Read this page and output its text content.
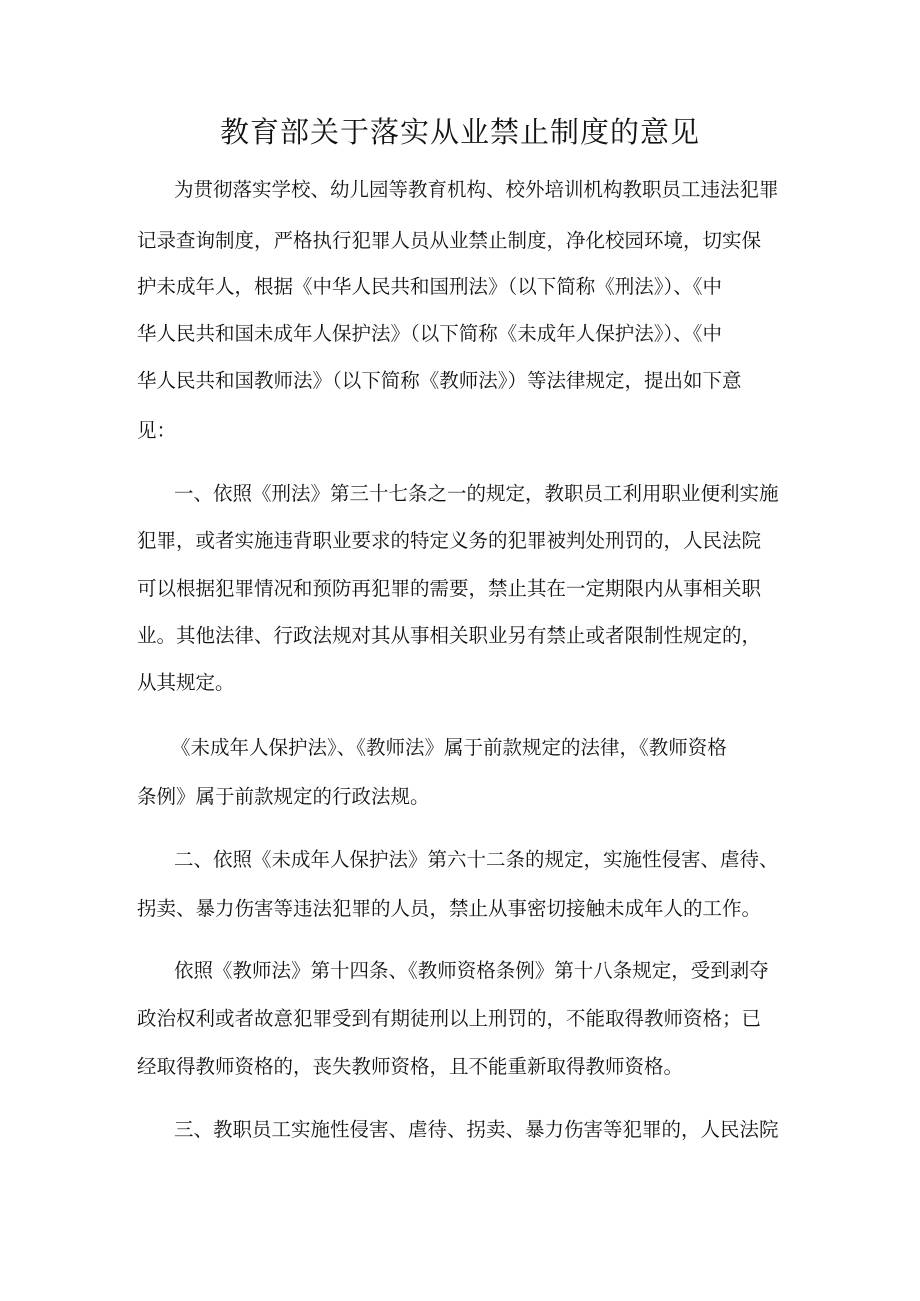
教育部关于落实从业禁止制度的意见

为贯彻落实学校、幼儿园等教育机构、校外培训机构教职员工违法犯罪

记录查询制度，严格执行犯罪人员从业禁止制度，净化校园环境，切实保

护未成年人，根据《中华人民共和国刑法》（以下简称《刑法》）、《中

华人民共和国未成年人保护法》（以下简称《未成年人保护法》）、《中

华人民共和国教师法》（以下简称《教师法》）等法律规定，提出如下意

见：

一、依照《刑法》第三十七条之一的规定，教职员工利用职业便利实施

犯罪，或者实施违背职业要求的特定义务的犯罪被判处刑罚的，人民法院

可以根据犯罪情况和预防再犯罪的需要，禁止其在一定期限内从事相关职

业。其他法律、行政法规对其从事相关职业另有禁止或者限制性规定的，

从其规定。

《未成年人保护法》、《教师法》属于前款规定的法律，《教师资格

条例》属于前款规定的行政法规。

二、依照《未成年人保护法》第六十二条的规定，实施性侵害、虐待、

拐卖、暴力伤害等违法犯罪的人员，禁止从事密切接触未成年人的工作。

依照《教师法》第十四条、《教师资格条例》第十八条规定，受到剥夺

政治权利或者故意犯罪受到有期徒刑以上刑罚的，不能取得教师资格；已

经取得教师资格的，丧失教师资格，且不能重新取得教师资格。

三、教职员工实施性侵害、虐待、拐卖、暴力伤害等犯罪的，人民法院
